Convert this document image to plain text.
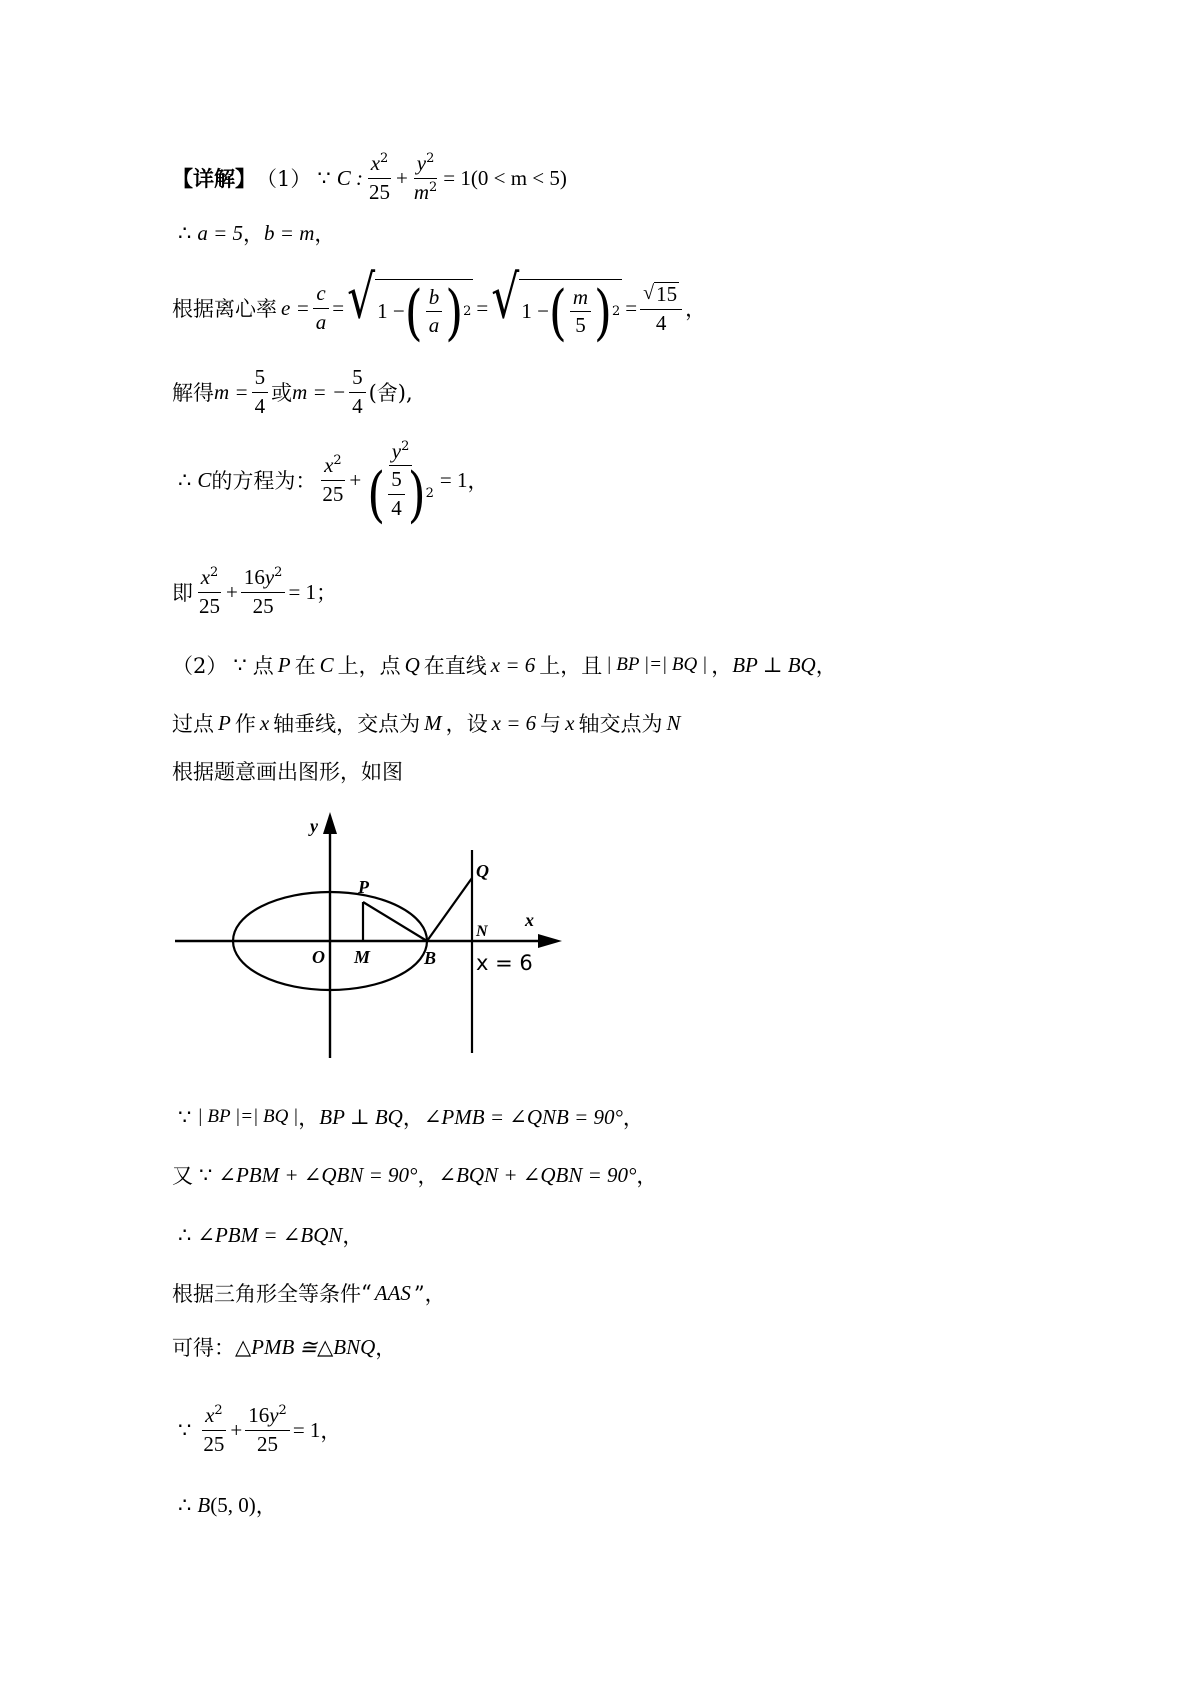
【详解】 （1） ∵ C : $\frac{x^2}{25} + \frac{y^2}{m^2} = 1(0 < m < 5)$
∴ a = 5 ， b = m ，
根据离心率 $e = \frac{c}{a}$ = √ 1 − ( $\frac{b}{a}$ ) 2 = √ 1 − ( $\frac{m}{5}$ ) $2 = \frac{√ 15}{4}$ ，
解得 $m = \frac{5}{4}$ 或 m = − $\frac{5}{4}$ (舍),
∴ C 的方程为： $\frac{x^2}{25} + \frac{y^2}{( \frac{5}{4} ) 2} = 1$ ，
即 $\frac{x^2}{25} + \frac{16y^2}{25} = 1$ ；
（2） ∵ 点 P 在 C 上，点 Q 在直线 x = 6 上，且 | BP |=| BQ | ， BP ⊥ BQ ，
过点 P 作 x 轴垂线，交点为 M ，设 x = 6 与 x 轴交点为 N
根据题意画出图形，如图
y
x
O M	B
P
Q
N
x = 6
∵ | BP |=| BQ | ， BP ⊥ BQ ， ∠PMB = ∠QNB = 90° ，
又 ∵ ∠PBM + ∠QBN = 90° ， ∠BQN + ∠QBN = 90° ，
∴ ∠PBM = ∠BQN ，
根据三角形全等条件 “ AAS ”，
可得： △PMB ≅△BNQ ，
∵ $\frac{x^2}{25} + \frac{16y^2}{25} = 1$ ，
∴ B (5, 0) ，
